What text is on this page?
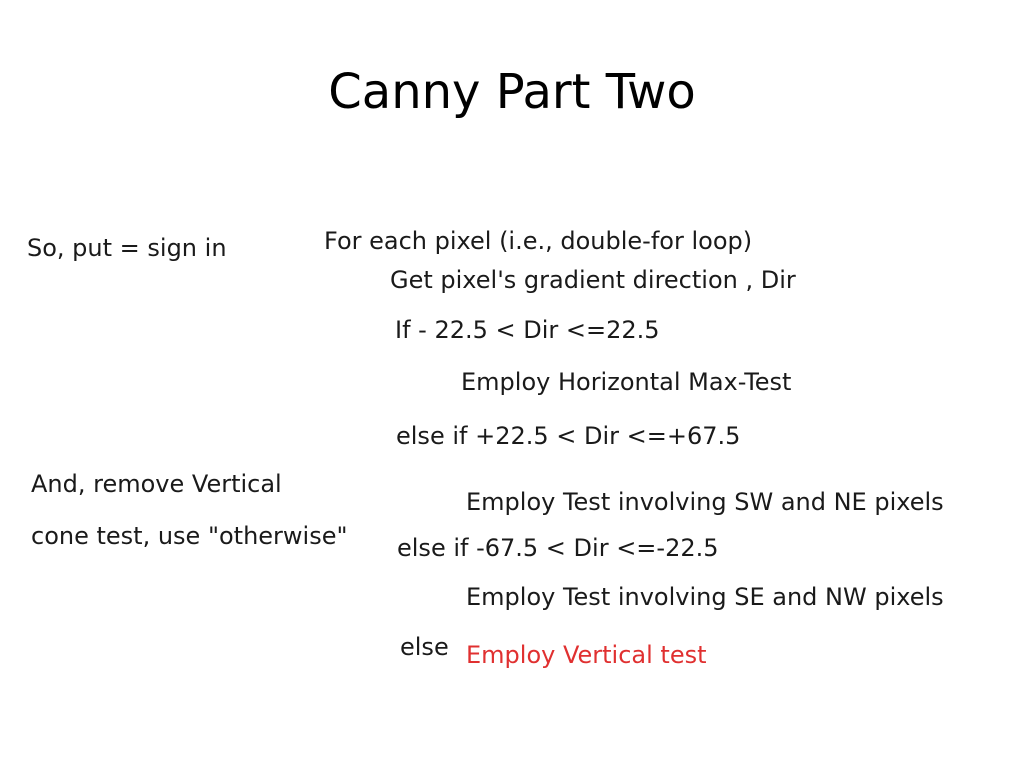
Canny Part Two
So, put = sign in
And, remove Vertical
cone test, use "otherwise"
For each pixel (i.e., double-for loop)
Get pixel's gradient direction , Dir
If - 22.5 < Dir <=22.5
Employ Horizontal Max-Test
else if +22.5 < Dir <=+67.5
Employ Test involving SW and NE pixels
else if -67.5 < Dir <=-22.5
Employ Test involving SE and NW pixels
else Employ Vertical test
